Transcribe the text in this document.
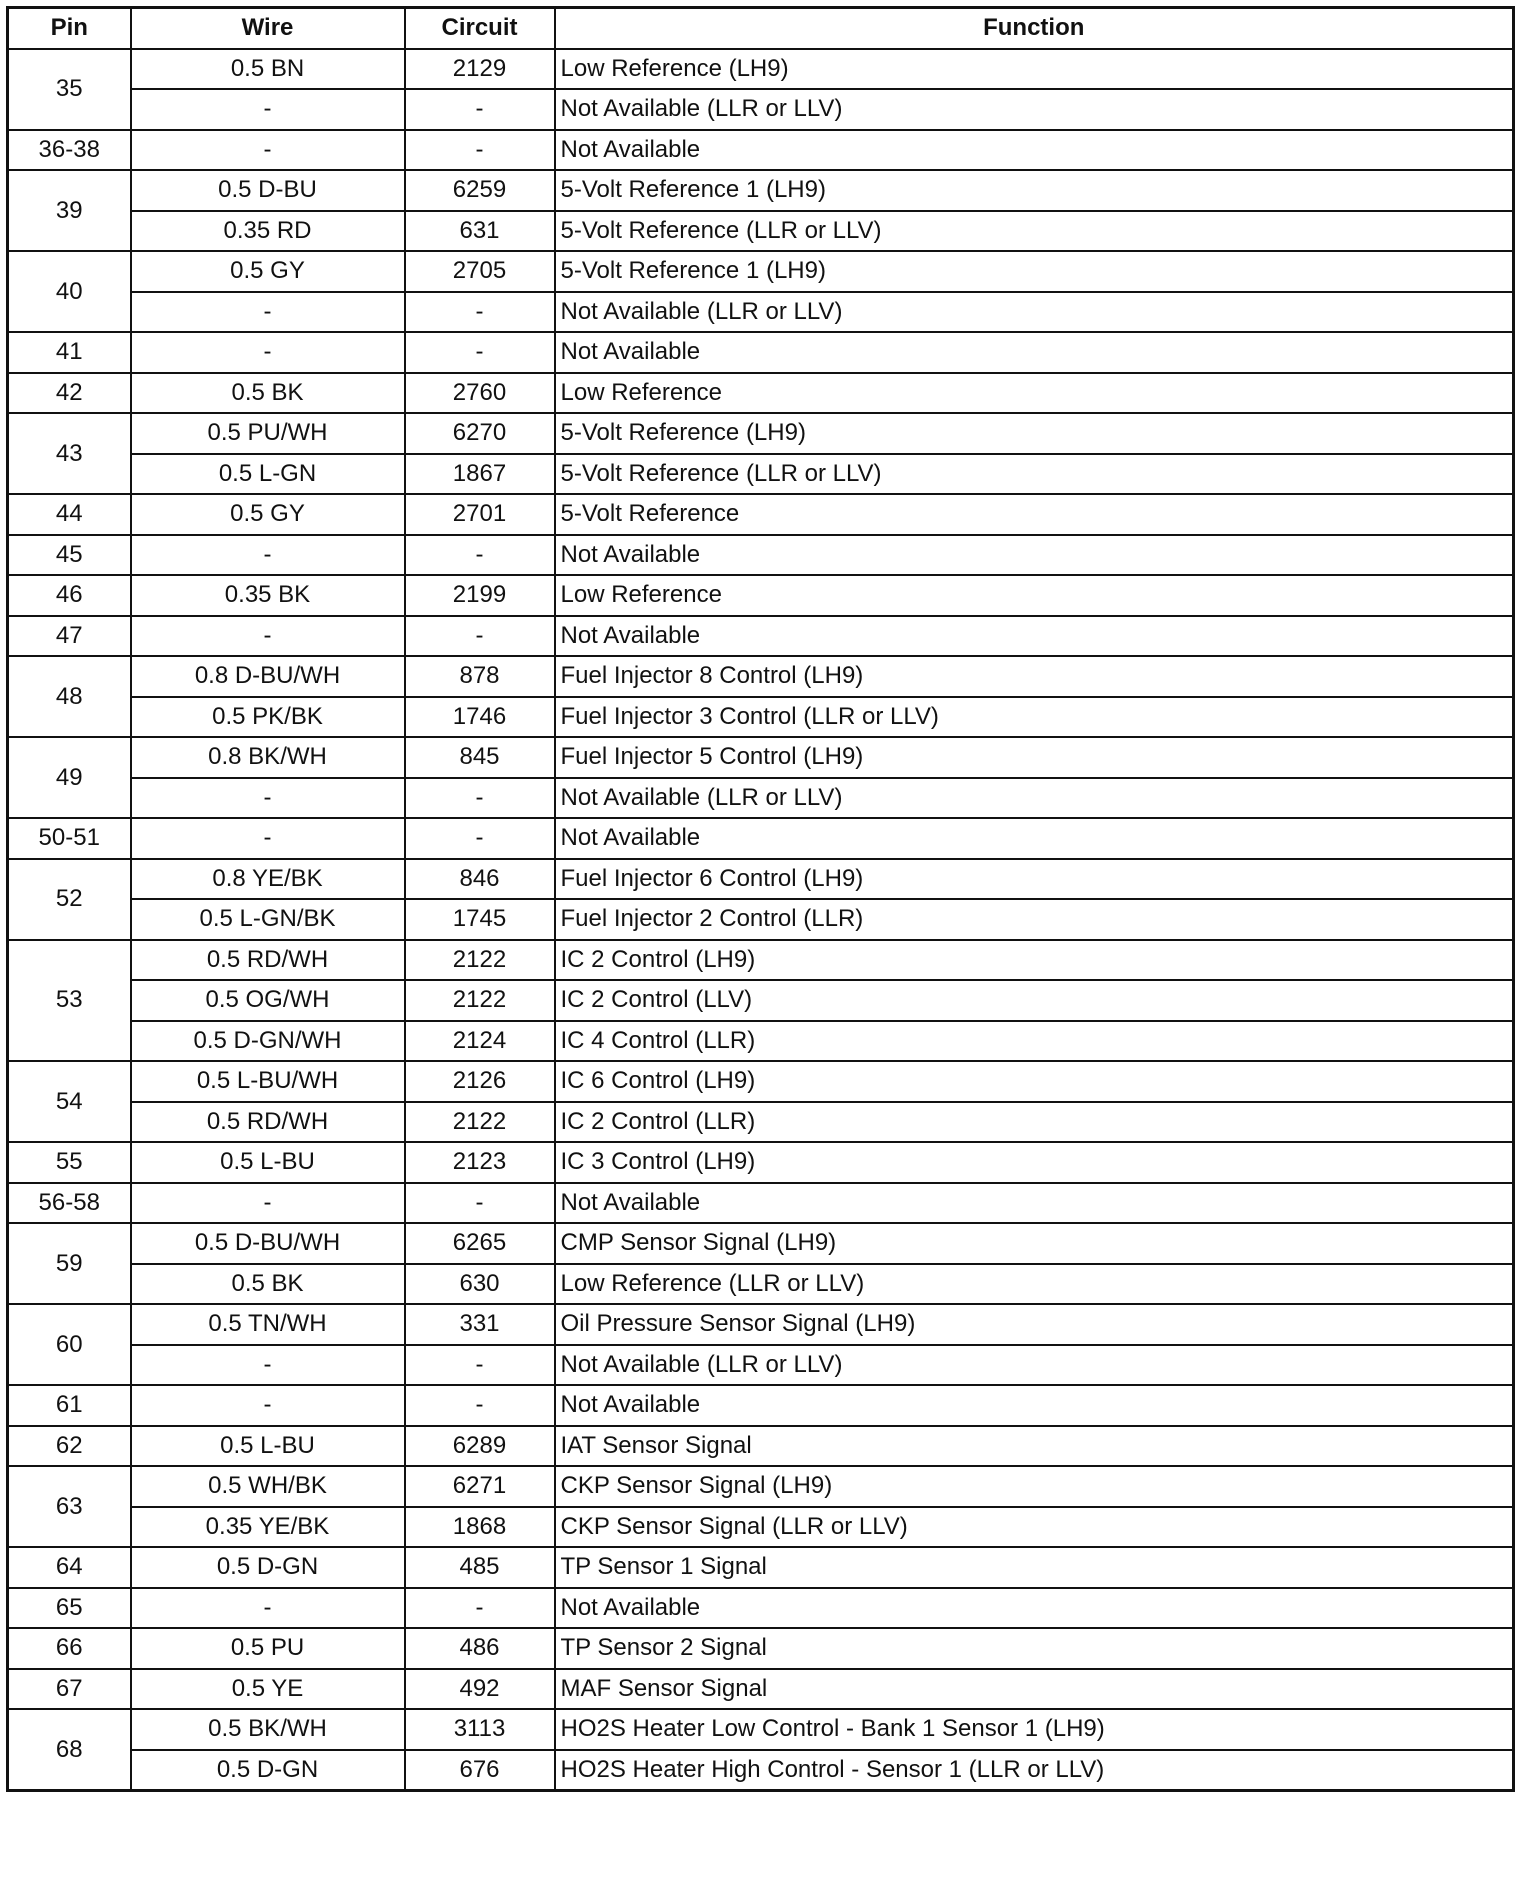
Pin	Wire	Circuit	Function
35	0.5 BN	2129	Low Reference (LH9)
	-	-	Not Available (LLR or LLV)
36-38	-	-	Not Available
39	0.5 D-BU	6259	5-Volt Reference 1 (LH9)
	0.35 RD	631	5-Volt Reference (LLR or LLV)
40	0.5 GY	2705	5-Volt Reference 1 (LH9)
	-	-	Not Available (LLR or LLV)
41	-	-	Not Available
42	0.5 BK	2760	Low Reference
43	0.5 PU/WH	6270	5-Volt Reference (LH9)
	0.5 L-GN	1867	5-Volt Reference (LLR or LLV)
44	0.5 GY	2701	5-Volt Reference
45	-	-	Not Available
46	0.35 BK	2199	Low Reference
47	-	-	Not Available
48	0.8 D-BU/WH	878	Fuel Injector 8 Control (LH9)
	0.5 PK/BK	1746	Fuel Injector 3 Control (LLR or LLV)
49	0.8 BK/WH	845	Fuel Injector 5 Control (LH9)
	-	-	Not Available (LLR or LLV)
50-51	-	-	Not Available
52	0.8 YE/BK	846	Fuel Injector 6 Control (LH9)
	0.5 L-GN/BK	1745	Fuel Injector 2 Control (LLR)
53	0.5 RD/WH	2122	IC 2 Control (LH9)
	0.5 OG/WH	2122	IC 2 Control (LLV)
	0.5 D-GN/WH	2124	IC 4 Control (LLR)
54	0.5 L-BU/WH	2126	IC 6 Control (LH9)
	0.5 RD/WH	2122	IC 2 Control (LLR)
55	0.5 L-BU	2123	IC 3 Control (LH9)
56-58	-	-	Not Available
59	0.5 D-BU/WH	6265	CMP Sensor Signal (LH9)
	0.5 BK	630	Low Reference (LLR or LLV)
60	0.5 TN/WH	331	Oil Pressure Sensor Signal (LH9)
	-	-	Not Available (LLR or LLV)
61	-	-	Not Available
62	0.5 L-BU	6289	IAT Sensor Signal
63	0.5 WH/BK	6271	CKP Sensor Signal (LH9)
	0.35 YE/BK	1868	CKP Sensor Signal (LLR or LLV)
64	0.5 D-GN	485	TP Sensor 1 Signal
65	-	-	Not Available
66	0.5 PU	486	TP Sensor 2 Signal
67	0.5 YE	492	MAF Sensor Signal
68	0.5 BK/WH	3113	HO2S Heater Low Control - Bank 1 Sensor 1 (LH9)
	0.5 D-GN	676	HO2S Heater High Control - Sensor 1 (LLR or LLV)
